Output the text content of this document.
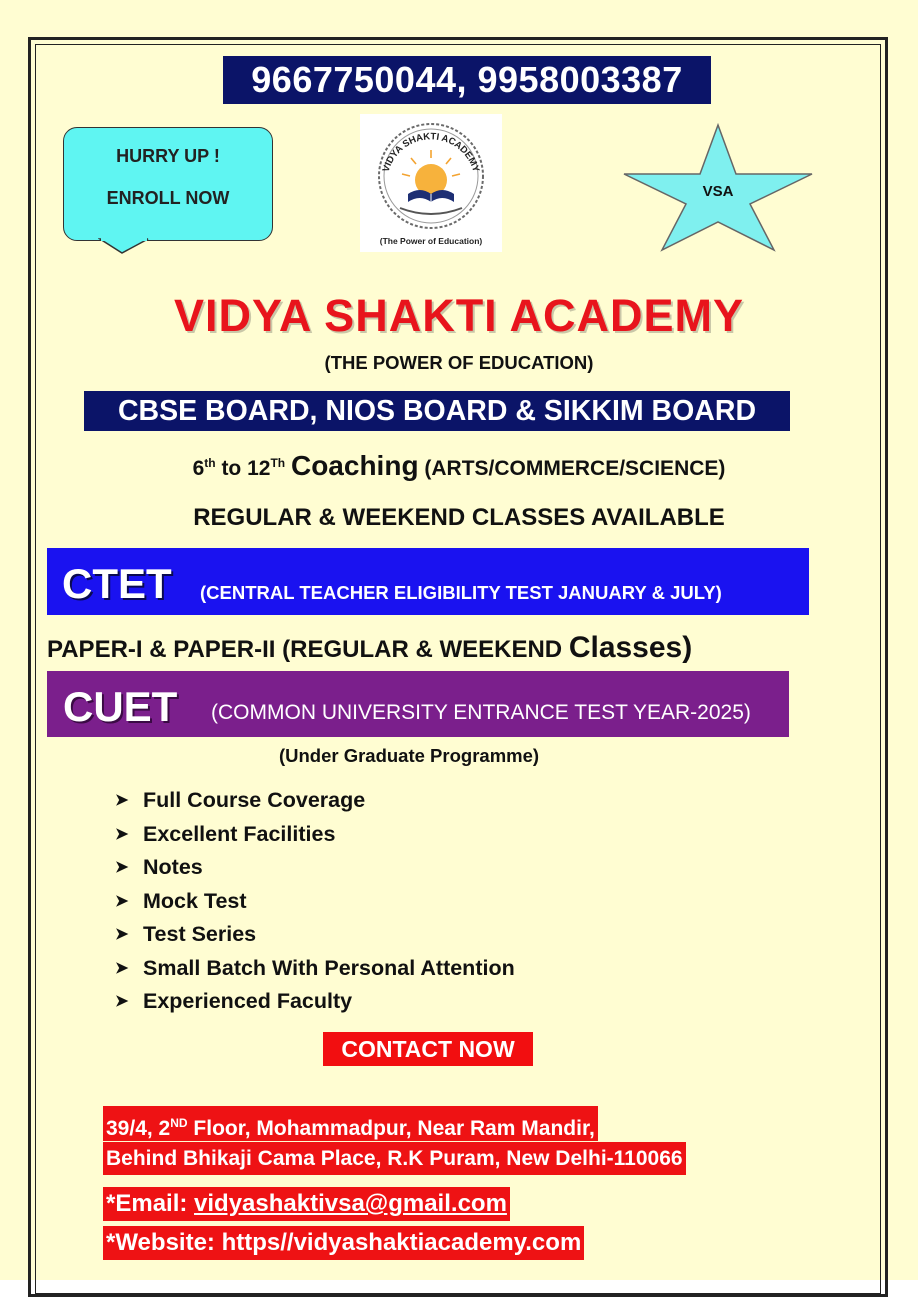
9667750044, 9958003387
HURRY UP !
ENROLL NOW
VIDYA SHAKTI ACADEMY
(The Power of Education)
VSA
VIDYA SHAKTI ACADEMY
(THE POWER OF EDUCATION)
CBSE BOARD, NIOS BOARD & SIKKIM BOARD
6th to 12Th Coaching (ARTS/COMMERCE/SCIENCE)
REGULAR & WEEKEND CLASSES AVAILABLE
CTET (CENTRAL TEACHER ELIGIBILITY TEST JANUARY & JULY)
PAPER-I & PAPER-II (REGULAR & WEEKEND Classes)
CUET (COMMON UNIVERSITY ENTRANCE TEST YEAR-2025)
(Under Graduate Programme)
➤ Full Course Coverage
➤ Excellent Facilities
➤ Notes
➤ Mock Test
➤ Test Series
➤ Small Batch With Personal Attention
➤ Experienced Faculty
CONTACT NOW
39/4, 2ND Floor, Mohammadpur, Near Ram Mandir,
Behind Bhikaji Cama Place, R.K Puram, New Delhi-110066
*Email: vidyashaktivsa@gmail.com
*Website: https//vidyashaktiacademy.com
